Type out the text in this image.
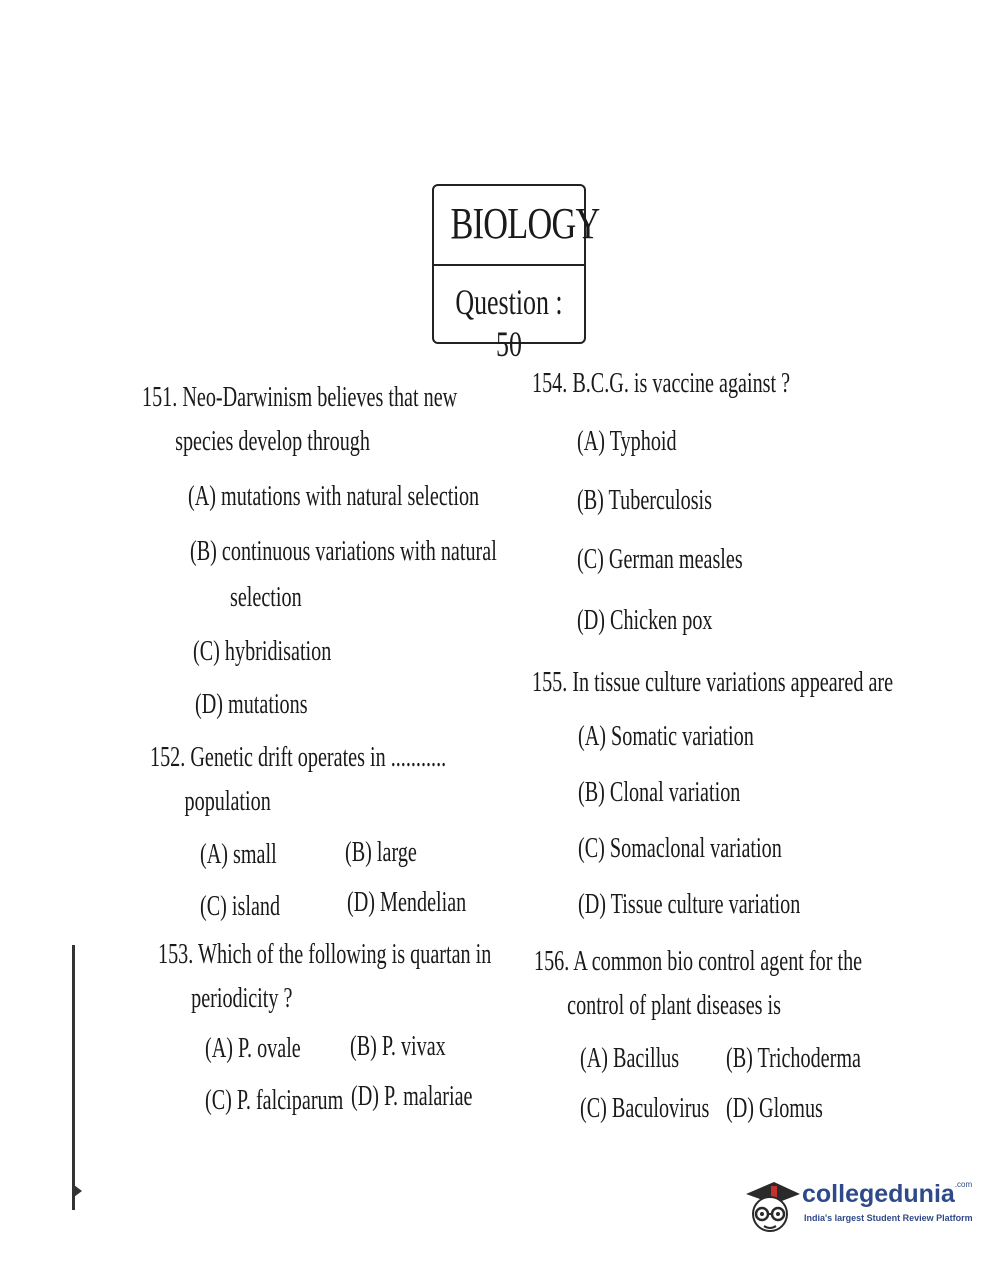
BIOLOGY
Question : 50
151. Neo-Darwinism believes that new
species develop through
(A) mutations with natural selection
(B) continuous variations with natural
selection
(C) hybridisation
(D) mutations
152. Genetic drift operates in ...........
population
(A) small (B) large
(C) island (D) Mendelian
153. Which of the following is quartan in
periodicity ?
(A) P. ovale (B) P. vivax
(C) P. falciparum (D) P. malariae
154. B.C.G. is vaccine against ?
(A) Typhoid
(B) Tuberculosis
(C) German measles
(D) Chicken pox
155. In tissue culture variations appeared are
(A) Somatic variation
(B) Clonal variation
(C) Somaclonal variation
(D) Tissue culture variation
156. A common bio control agent for the
control of plant diseases is
(A) Bacillus (B) Trichoderma
(C) Baculovirus (D) Glomus
collegedunia$^{.com}$
India's largest Student Review Platform
